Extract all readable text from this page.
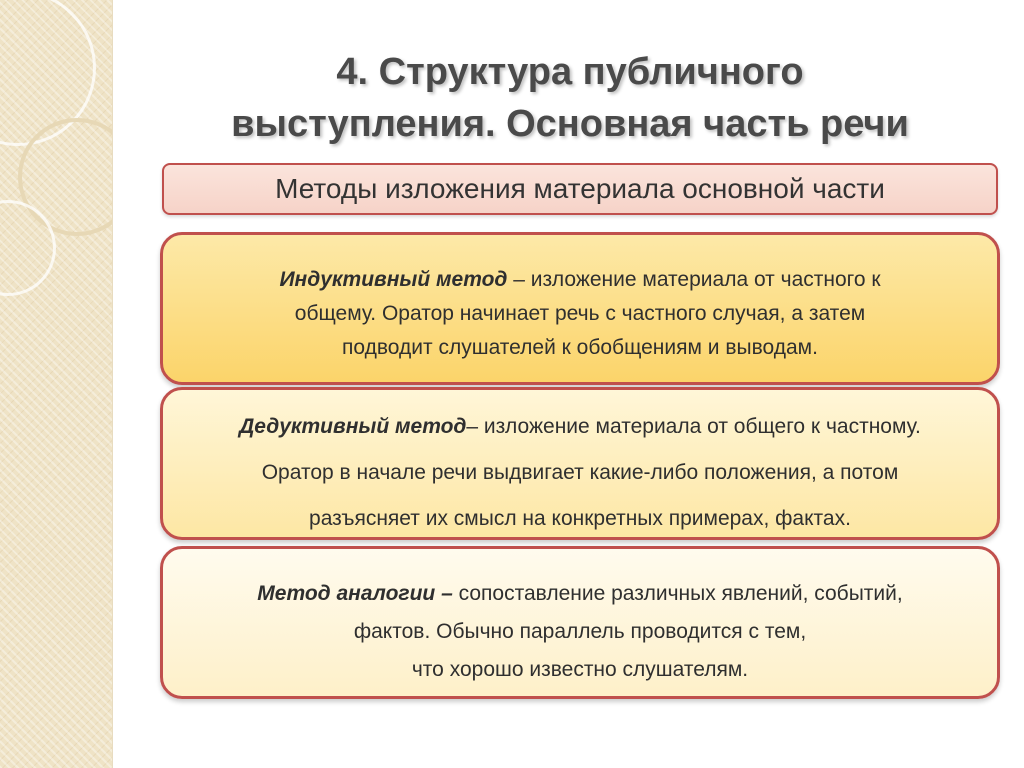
4. Структура публичного
выступления. Основная часть речи
Методы изложения материала основной части
Индуктивный метод – изложение материала от частного к
общему. Оратор начинает речь с частного случая, а затем
подводит слушателей к обобщениям и выводам.
Дедуктивный метод– изложение материала от общего к частному.
Оратор в начале речи выдвигает какие-либо положения, а потом
разъясняет их смысл на конкретных примерах, фактах.
Метод аналогии – сопоставление различных явлений, событий,
фактов. Обычно параллель проводится с тем,
что хорошо известно слушателям.
